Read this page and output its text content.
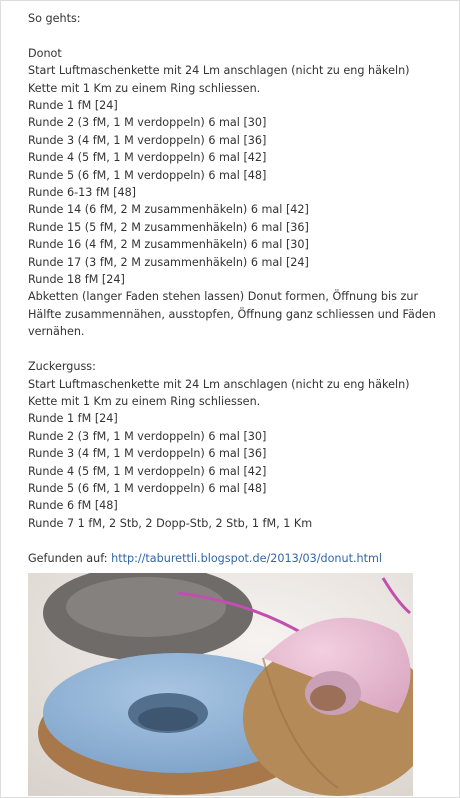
So gehts:
Donot
Start Luftmaschenkette mit 24 Lm anschlagen (nicht zu eng häkeln)
Kette mit 1 Km zu einem Ring schliessen.
Runde 1 fM [24]
Runde 2 (3 fM, 1 M verdoppeln) 6 mal [30]
Runde 3 (4 fM, 1 M verdoppeln) 6 mal [36]
Runde 4 (5 fM, 1 M verdoppeln) 6 mal [42]
Runde 5 (6 fM, 1 M verdoppeln) 6 mal [48]
Runde 6-13 fM [48]
Runde 14 (6 fM, 2 M zusammenhäkeln) 6 mal [42]
Runde 15 (5 fM, 2 M zusammenhäkeln) 6 mal [36]
Runde 16 (4 fM, 2 M zusammenhäkeln) 6 mal [30]
Runde 17 (3 fM, 2 M zusammenhäkeln) 6 mal [24]
Runde 18 fM [24]
Abketten (langer Faden stehen lassen) Donut formen, Öffnung bis zur Hälfte zusammennähen, ausstopfen, Öffnung ganz schliessen und Fäden vernähen.
Zuckerguss:
Start Luftmaschenkette mit 24 Lm anschlagen (nicht zu eng häkeln)
Kette mit 1 Km zu einem Ring schliessen.
Runde 1 fM [24]
Runde 2 (3 fM, 1 M verdoppeln) 6 mal [30]
Runde 3 (4 fM, 1 M verdoppeln) 6 mal [36]
Runde 4 (5 fM, 1 M verdoppeln) 6 mal [42]
Runde 5 (6 fM, 1 M verdoppeln) 6 mal [48]
Runde 6 fM [48]
Runde 7 1 fM, 2 Stb, 2 Dopp-Stb, 2 Stb, 1 fM, 1 Km
Gefunden auf: http://taburettli.blogspot.de/2013/03/donut.html
